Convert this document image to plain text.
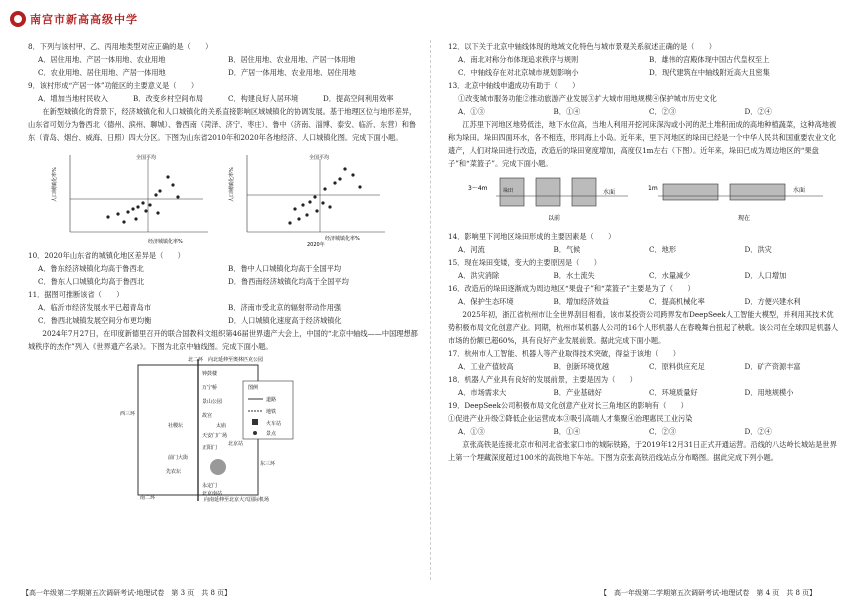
南宫市新高高级中学

8．下列与该村甲、乙、丙用地类型对应正确的是（　　）

A．居住用地、产居一体用地、农业用地	B．居住用地、农业用地、产居一体用地
C．农业用地、居住用地、产居一体用地	D．产居一体用地、农业用地、居住用地

9．该村形成“产居一体”功能区的主要意义是（　　）

A．增加当地村民收入	B．改变乡村空间布局	C．构建良好人居环境	D．提高空间利用效率

在新型城镇化的背景下，经济城镇化和人口城镇化的关系直接影响区域城镇化的协调发展。基于地理区位与地形差异，山东省可划分为鲁西北（德州、滨州、聊城）、鲁西南（菏泽、济宁、枣庄）、鲁中（济南、淄博、泰安、临沂、东营）和鲁东（青岛、烟台、威海、日照）四大分区。下图为山东省2010年和2020年各地经济、人口城镇化图。完成下面小题。

全国平均
人口城镇化率%
经济城镇化率%
全国平均
人口城镇化率%
经济城镇化率%
2020年

10．2020年山东省的城镇化地区差异是（　　）

A．鲁东经济城镇化均高于鲁西北	B．鲁中人口城镇化均高于全国平均
C．鲁东人口城镇化均高于鲁西北	D．鲁西南经济城镇化均高于全国平均

11．据图可推断该省（　　）

A．临沂市经济发展水平已超青岛市	B．济南市受北京的辐射带动作用强
C．鲁西北城镇发展空间分布更均衡	D．人口城镇化速度高于经济城镇化

2024年7月27日，在印度新德里召开的联合国教科文组织第46届世界遗产大会上，中国的“北京中轴线——中国理想都城秩序的杰作”列入《世界遗产名录》。下图为北京中轴线图。完成下面小题。

北二环 向北延伸至奥林匹克公园
西三环
东三环
南二环	向南延伸至北京大兴国际机场
钟鼓楼
万宁桥
景山公园
故宫
天安门广场
正阳门
前门大街
先农坛
永定门
北京站
社稷坛	太庙
北京南站
图例
道路
地铁
火车站
景点

12．以下关于北京中轴线体现的地域文化特色与城市景观关系叙述正确的是（　　）

A．南北对称分布体现追求秩序与规则	B．雄伟的宫殿体现中国古代皇权至上
C．中轴线存在对北京城市规划影响小	D．现代建筑在中轴线附近高大且密集

13．北京中轴线申遗成功有助于（　　）

①改变城市服务功能②推动旅游产业发展③扩大城市用地规模④保护城市历史文化

A．①③	B．①④	C．②③	D．②④

江苏里下河地区地势低洼，地下水位高，当地人利用开挖河床深沟或小河的泥土堆积而成的高地种植蔬菜，这种高地被称为垛田。垛田四面环水，各不相连，形同海上小岛。近年来，里下河地区的垛田已经是一个中华人民共和国重要农业文化遗产，人们对垛田进行改造，改造后的垛田宽度增加，高度仅1m左右（下图）。近年来，垛田已成为周边地区的“果盘子”和“菜篮子”。完成下面小题。

3～4m	垛田	水面
以前
1m	水面
现在

14．影响里下河地区垛田形成的主要因素是（　　）

A．河流	B．气候	C．地形	D．洪灾

15．现在垛田变矮，变大的主要原因是（　　）

A．洪灾消除	B．水土流失	C．水量减少	D．人口增加

16．改造后的垛田逐渐成为周边地区“果盘子”和“菜篮子”主要是为了（　　）

A．保护生态环境	B．增加经济效益	C．提高机械化率	D．方便兴建水利

2025年初，浙江省杭州市让全世界刮目相看，该市某投资公司跨界发布DeepSeek人工智能大模型，并利用其技术优势积极布局文化创意产业。同期，杭州市某机器人公司的16个人形机器人在春晚舞台扭起了秧歌。该公司在全球四足机器人市场的份额已超60%，具有良好产业发展前景。据此完成下面小题。

17．杭州市人工智能、机器人等产业取得技术突破，得益于该地（　　）

A．工业产值较高	B．创新环境优越	C．原料供应充足	D．矿产资源丰富

18．机器人产业具有良好的发展前景，主要是因为（　　）

A．市场需求大	B．产业基础好	C．环境质量好	D．用地规模小

19．DeepSeek公司积极布局文化创意产业对长三角地区的影响有（　　）

①促进产业升级②降低企业运营成本③吸引高端人才集聚④治理惠民工业污染

A．①③	B．①④	C．②③	D．②④

京张高铁是连接北京市和河北省张家口市的城际铁路，于2019年12月31日正式开通运营。沿线的八达岭长城站是世界上第一个埋藏深度超过100米的高铁地下车站。下图为京张高铁沿线站点分布略图。据此完成下列小题。

【高一年级第二学期第五次调研考试-地理试卷　第 3 页　共 8 页】	【　高一年级第二学期第五次调研考试-地理试卷　第 4 页　共 8 页】
